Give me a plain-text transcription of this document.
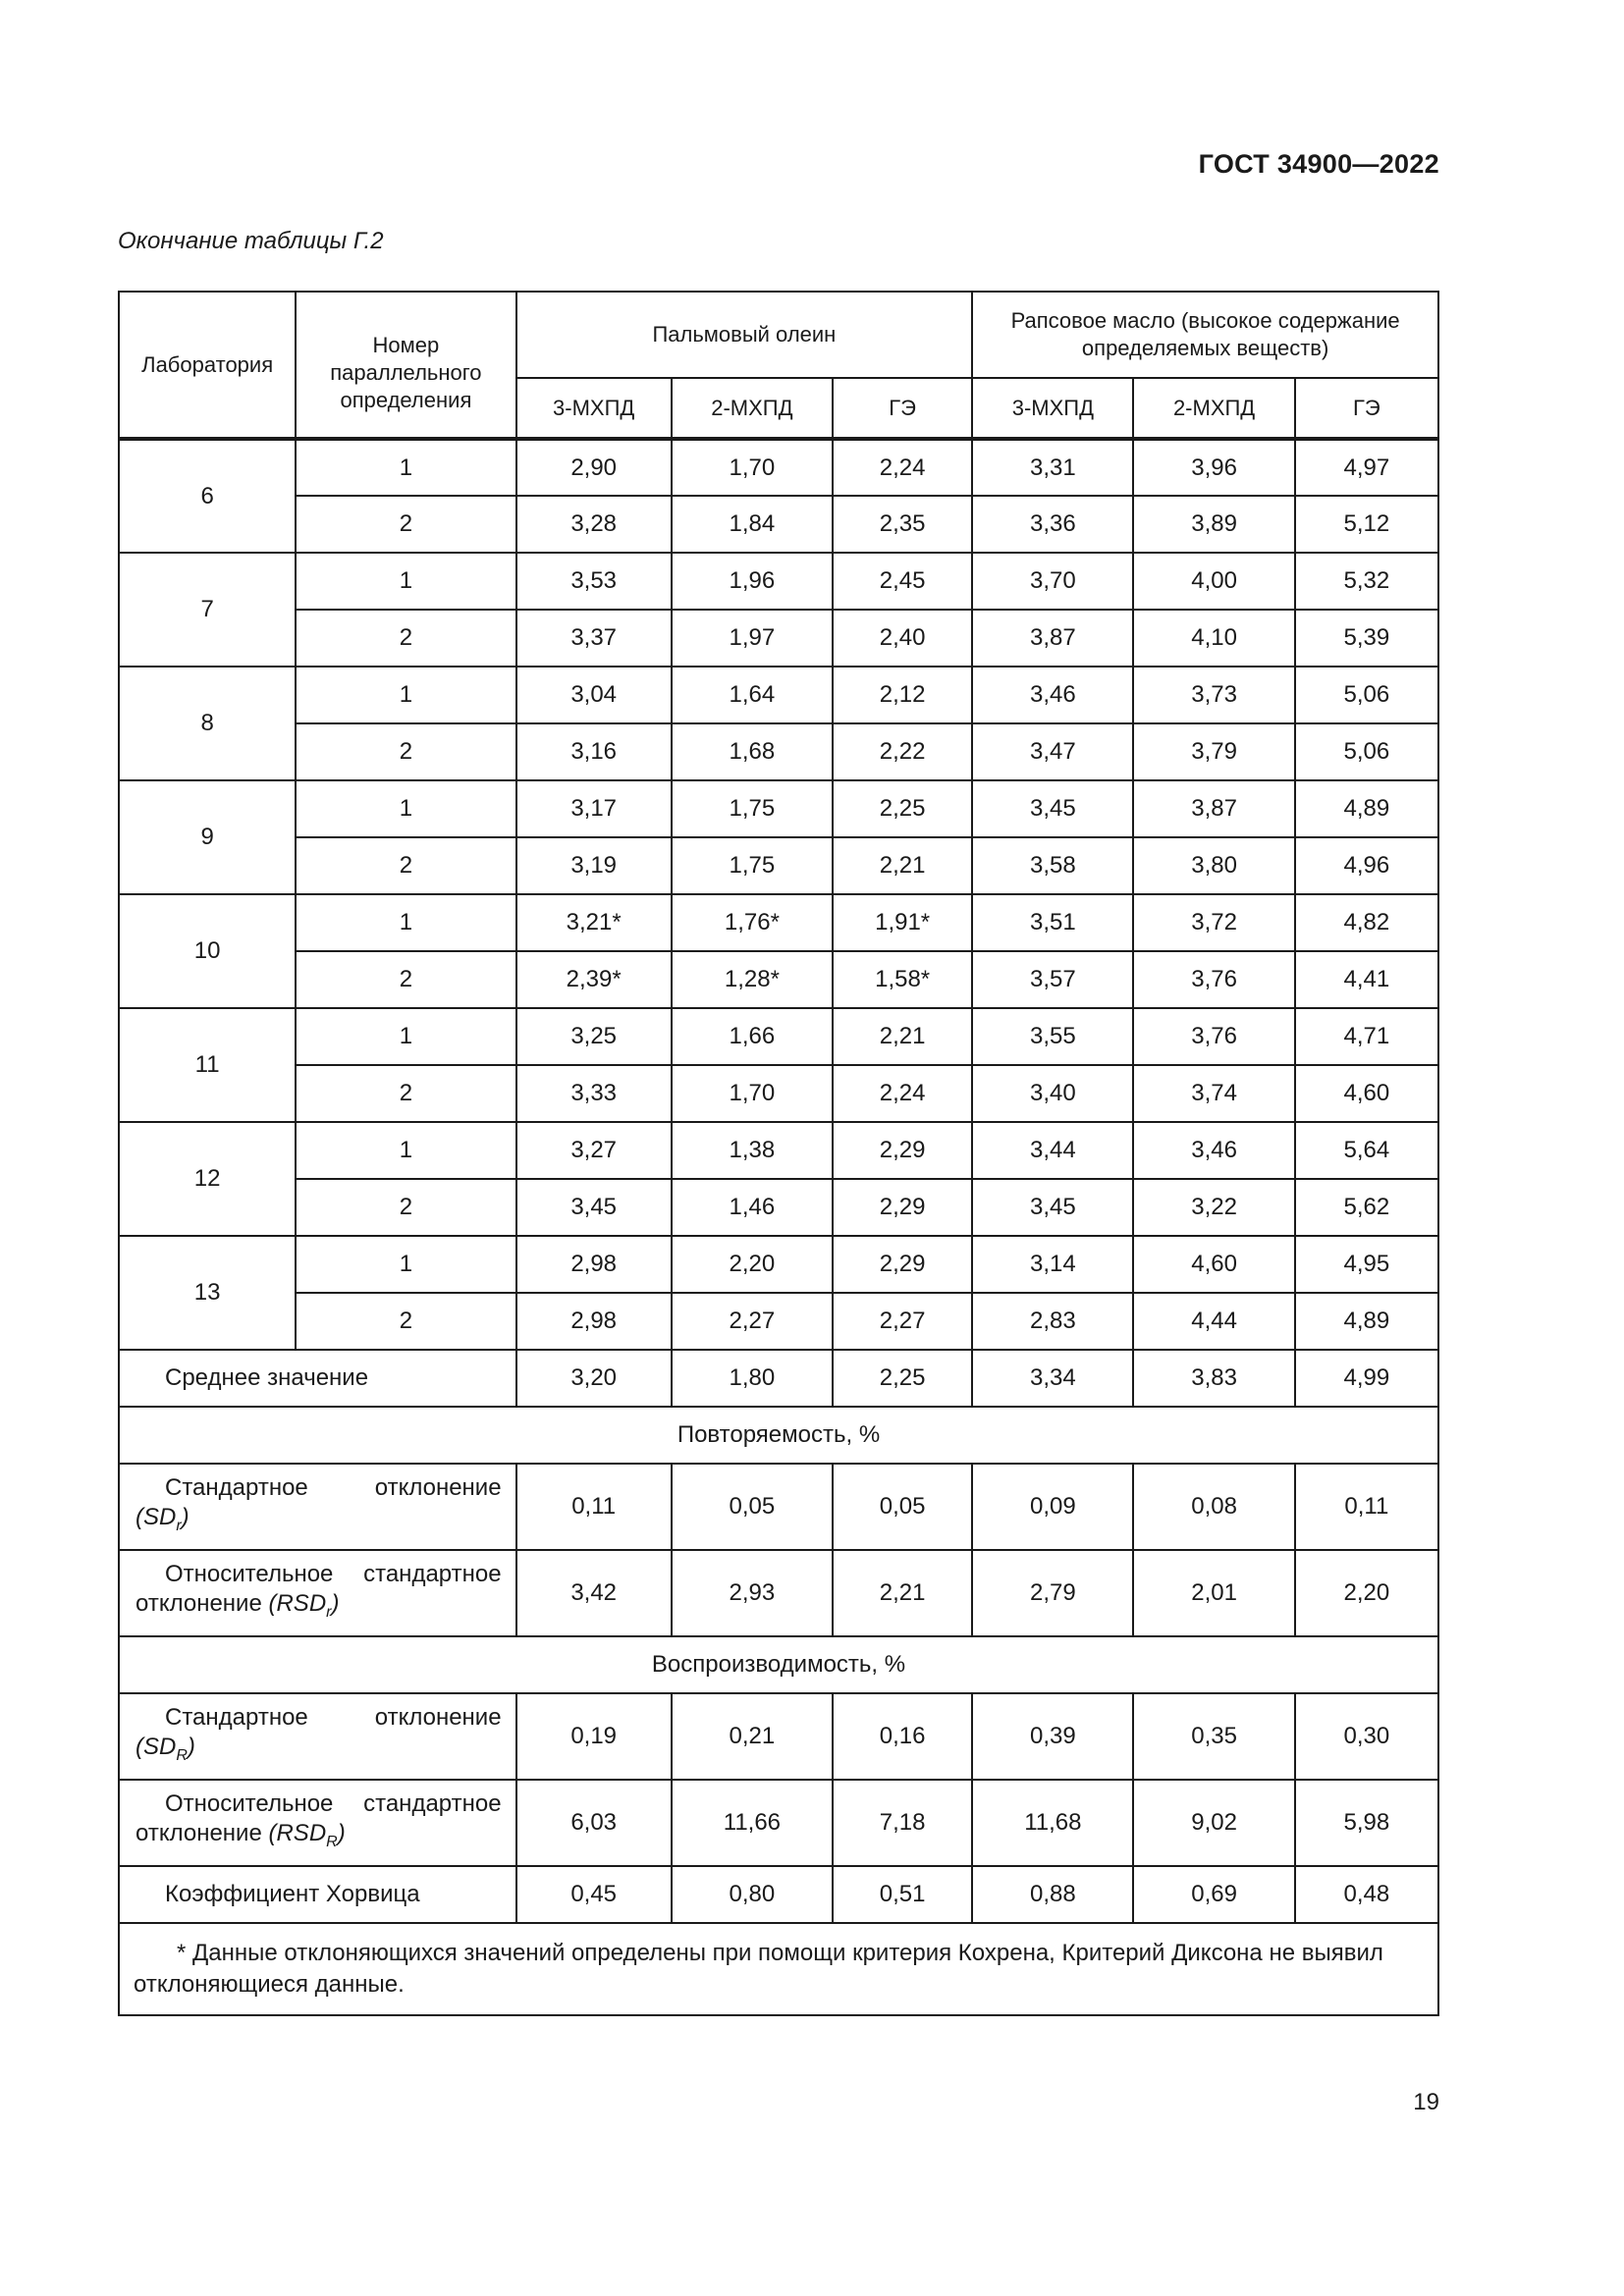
ГОСТ 34900—2022
Окончание таблицы Г.2
Лаборатория	Номер параллельного определения	Пальмовый олеин			Рапсовое масло (высокое содержание определяемых веществ)		
		3-МХПД	2-МХПД	ГЭ	3-МХПД	2-МХПД	ГЭ
6	1	2,90	1,70	2,24	3,31	3,96	4,97
	2	3,28	1,84	2,35	3,36	3,89	5,12
7	1	3,53	1,96	2,45	3,70	4,00	5,32
	2	3,37	1,97	2,40	3,87	4,10	5,39
8	1	3,04	1,64	2,12	3,46	3,73	5,06
	2	3,16	1,68	2,22	3,47	3,79	5,06
9	1	3,17	1,75	2,25	3,45	3,87	4,89
	2	3,19	1,75	2,21	3,58	3,80	4,96
10	1	3,21*	1,76*	1,91*	3,51	3,72	4,82
	2	2,39*	1,28*	1,58*	3,57	3,76	4,41
11	1	3,25	1,66	2,21	3,55	3,76	4,71
	2	3,33	1,70	2,24	3,40	3,74	4,60
12	1	3,27	1,38	2,29	3,44	3,46	5,64
	2	3,45	1,46	2,29	3,45	3,22	5,62
13	1	2,98	2,20	2,29	3,14	4,60	4,95
	2	2,98	2,27	2,27	2,83	4,44	4,89
Среднее значение		3,20	1,80	2,25	3,34	3,83	4,99
Повторяемость, %							
Стандартное отклонение $(SD_r)$		0,11	0,05	0,05	0,09	0,08	0,11
Относительное стандартное отклонение $(RSD_r)$		3,42	2,93	2,21	2,79	2,01	2,20
Воспроизводимость, %							
Стандартное отклонение $(SD_R)$		0,19	0,21	0,16	0,39	0,35	0,30
Относительное стандартное отклонение $(RSD_R)$		6,03	11,66	7,18	11,68	9,02	5,98
Коэффициент Хорвица		0,45	0,80	0,51	0,88	0,69	0,48
* Данные отклоняющихся значений определены при помощи критерия Кохрена, Критерий Диксона не выявил отклоняющиеся данные.							
19
